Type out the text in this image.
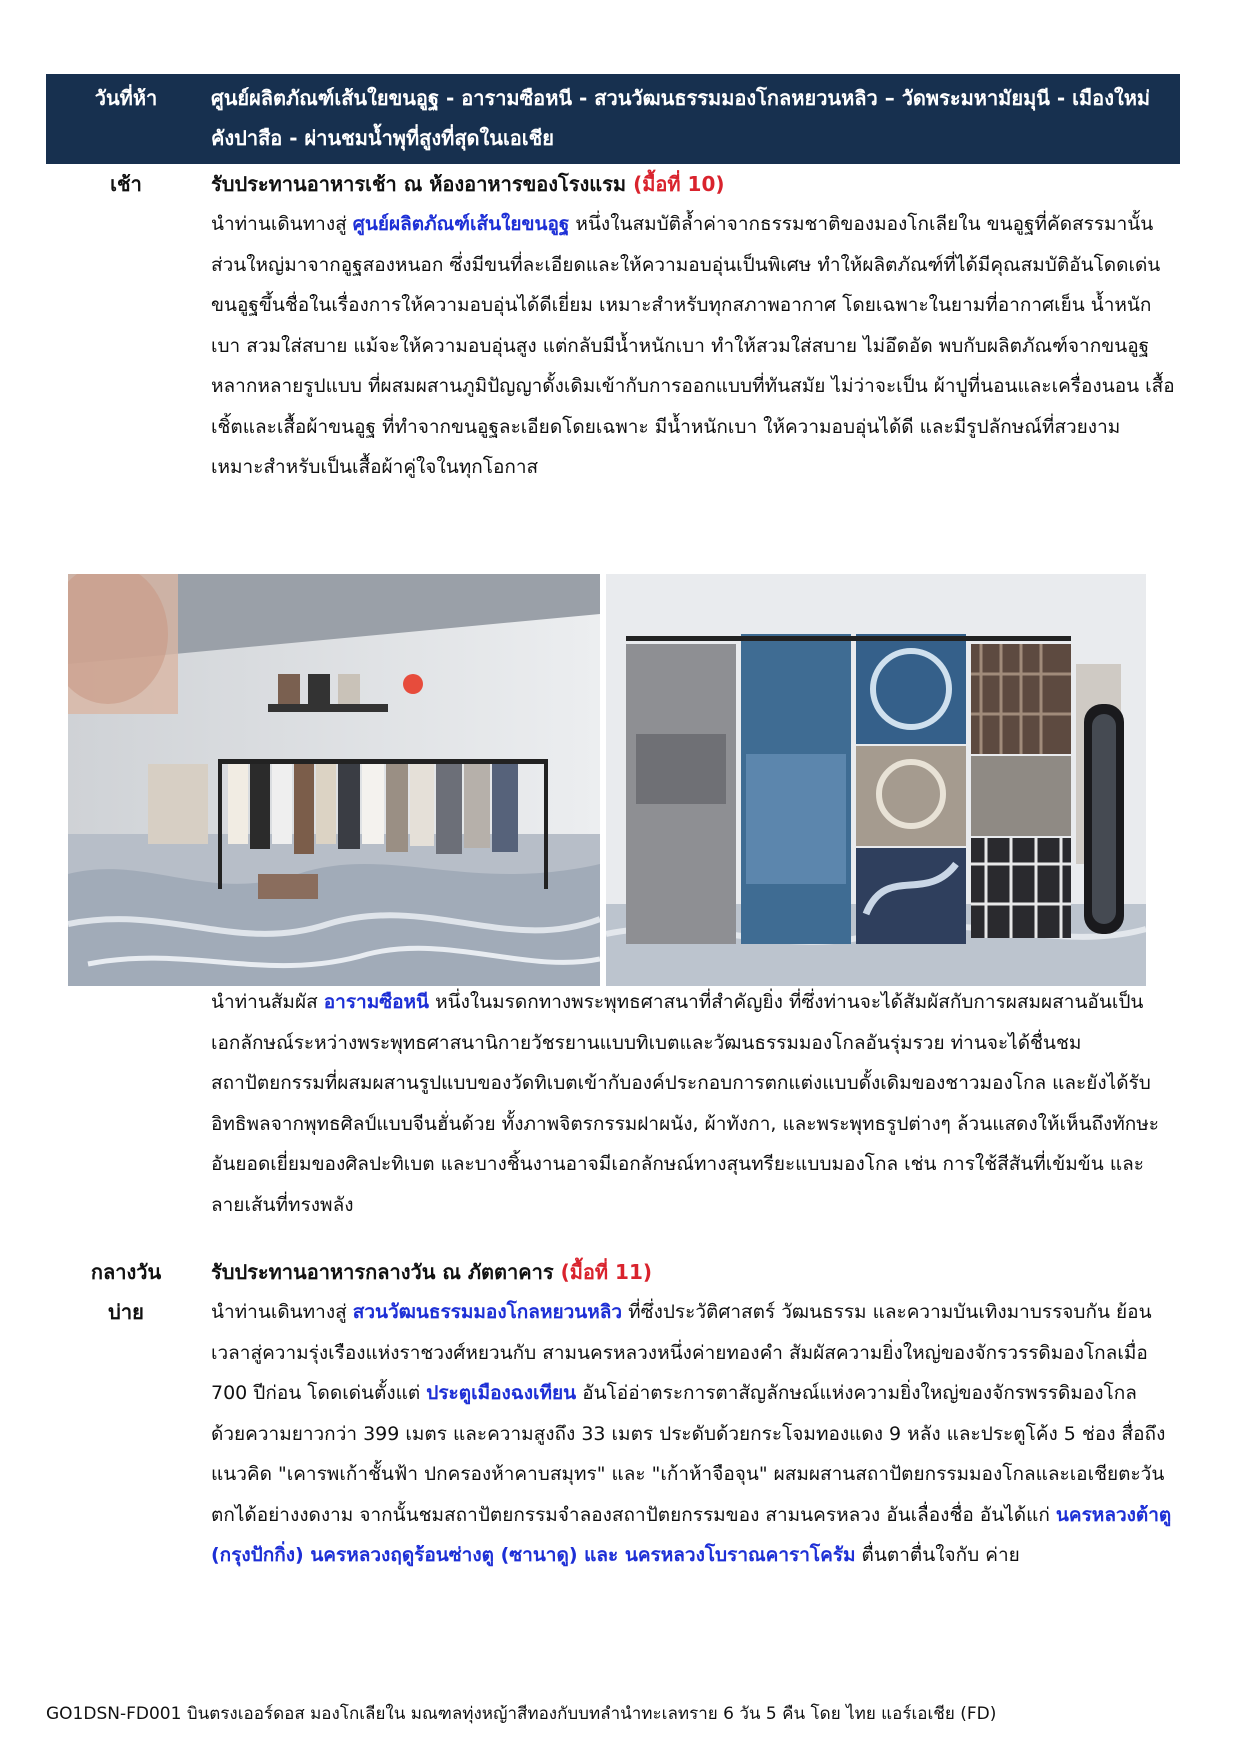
วันที่ห้า	ศูนย์ผลิตภัณฑ์เส้นใยขนอูฐ - อารามซือหนี - สวนวัฒนธรรมมองโกลหยวนหลิว – วัดพระมหามัยมุนี - เมืองใหม่คังปาสือ - ผ่านชมน้ำพุที่สูงที่สุดในเอเชีย
เช้า	รับประทานอาหารเช้า ณ ห้องอาหารของโรงแรม (มื้อที่ 10)
นำท่านเดินทางสู่ ศูนย์ผลิตภัณฑ์เส้นใยขนอูฐ หนึ่งในสมบัติล้ำค่าจากธรรมชาติของมองโกเลียใน ขนอูฐที่คัดสรรมานั้น ส่วนใหญ่มาจากอูฐสองหนอก ซึ่งมีขนที่ละเอียดและให้ความอบอุ่นเป็นพิเศษ ทำให้ผลิตภัณฑ์ที่ได้มีคุณสมบัติอันโดดเด่น ขนอูฐขึ้นชื่อในเรื่องการให้ความอบอุ่นได้ดีเยี่ยม เหมาะสำหรับทุกสภาพอากาศ โดยเฉพาะในยามที่อากาศเย็น น้ำหนักเบา สวมใส่สบาย แม้จะให้ความอบอุ่นสูง แต่กลับมีน้ำหนักเบา ทำให้สวมใส่สบาย ไม่อึดอัด พบกับผลิตภัณฑ์จากขนอูฐหลากหลายรูปแบบ ที่ผสมผสานภูมิปัญญาดั้งเดิมเข้ากับการออกแบบที่ทันสมัย ไม่ว่าจะเป็น ผ้าปูที่นอนและเครื่องนอน เสื้อเชิ้ตและเสื้อผ้าขนอูฐ ที่ทำจากขนอูฐละเอียดโดยเฉพาะ มีน้ำหนักเบา ให้ความอบอุ่นได้ดี และมีรูปลักษณ์ที่สวยงาม เหมาะสำหรับเป็นเสื้อผ้าคู่ใจในทุกโอกาส
นำท่านสัมผัส อารามซือหนี หนึ่งในมรดกทางพระพุทธศาสนาที่สำคัญยิ่ง ที่ซึ่งท่านจะได้สัมผัสกับการผสมผสานอันเป็นเอกลักษณ์ระหว่างพระพุทธศาสนานิกายวัชรยานแบบทิเบตและวัฒนธรรมมองโกลอันรุ่มรวย ท่านจะได้ชื่นชมสถาปัตยกรรมที่ผสมผสานรูปแบบของวัดทิเบตเข้ากับองค์ประกอบการตกแต่งแบบดั้งเดิมของชาวมองโกล และยังได้รับอิทธิพลจากพุทธศิลป์แบบจีนฮั่นด้วย ทั้งภาพจิตรกรรมฝาผนัง, ผ้าทังกา, และพระพุทธรูปต่างๆ ล้วนแสดงให้เห็นถึงทักษะอันยอดเยี่ยมของศิลปะทิเบต และบางชิ้นงานอาจมีเอกลักษณ์ทางสุนทรียะแบบมองโกล เช่น การใช้สีสันที่เข้มข้น และลายเส้นที่ทรงพลัง
กลางวัน	รับประทานอาหารกลางวัน ณ ภัตตาคาร (มื้อที่ 11)
บ่าย	นำท่านเดินทางสู่ สวนวัฒนธรรมมองโกลหยวนหลิว ที่ซึ่งประวัติศาสตร์ วัฒนธรรม และความบันเทิงมาบรรจบกัน ย้อนเวลาสู่ความรุ่งเรืองแห่งราชวงศ์หยวนกับ สามนครหลวงหนึ่งค่ายทองคำ สัมผัสความยิ่งใหญ่ของจักรวรรดิมองโกลเมื่อ 700 ปีก่อน โดดเด่นตั้งแต่ ประตูเมืองฉงเทียน อันโอ่อ่าตระการตาสัญลักษณ์แห่งความยิ่งใหญ่ของจักรพรรดิมองโกล ด้วยความยาวกว่า 399 เมตร และความสูงถึง 33 เมตร ประดับด้วยกระโจมทองแดง 9 หลัง และประตูโค้ง 5 ช่อง สื่อถึงแนวคิด "เคารพเก้าชั้นฟ้า ปกครองห้าคาบสมุทร" และ "เก้าห้าจือจุน" ผสมผสานสถาปัตยกรรมมองโกลและเอเชียตะวันตกได้อย่างงดงาม จากนั้นชมสถาปัตยกรรมจำลองสถาปัตยกรรมของ สามนครหลวง อันเลื่องชื่อ อันได้แก่ นครหลวงต้าตู (กรุงปักกิ่ง) นครหลวงฤดูร้อนซ่างตู (ซานาดู) และ นครหลวงโบราณคาราโครัม ตื่นตาตื่นใจกับ ค่าย
GO1DSN-FD001 บินตรงเออร์ดอส มองโกเลียใน มณฑลทุ่งหญ้าสีทองกับบทลำนำทะเลทราย 6 วัน 5 คืน โดย ไทย แอร์เอเชีย (FD)
